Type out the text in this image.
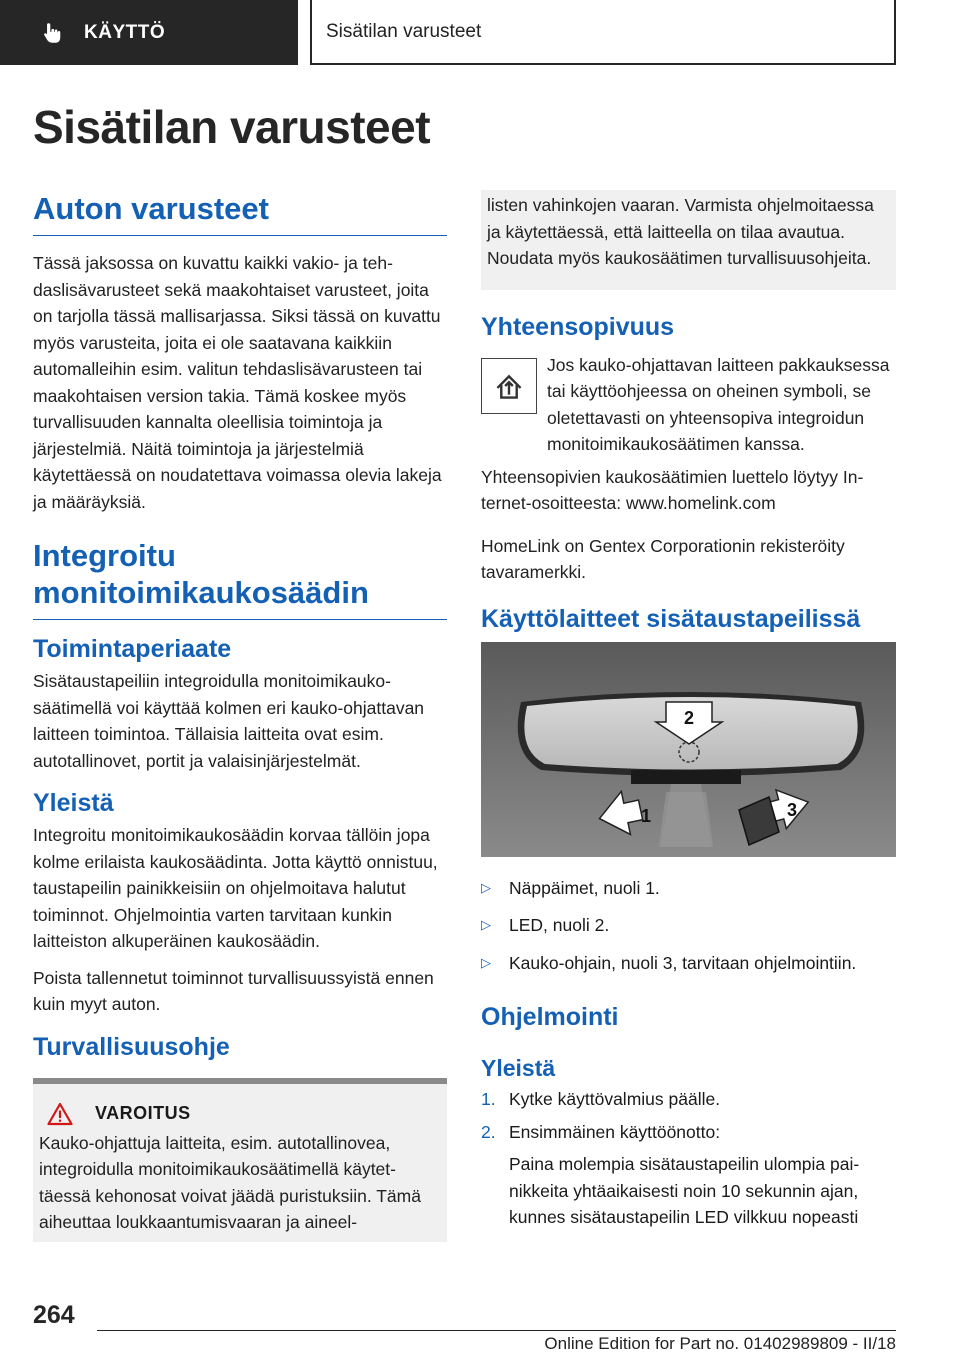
KÄYTTÖ	Sisätilan varusteet
Sisätilan varusteet
Auton varusteet

Tässä jaksossa on kuvattu kaikki vakio- ja tehdaslisävarusteet sekä maakohtaiset varusteet, joita on tarjolla tässä mallisarjassa. Siksi tässä on kuvattu myös varusteita, joita ei ole saatavana kaikkiin automalleihin esim. valitun tehdaslisävarusteen tai maakohtaisen version takia. Tämä koskee myös turvallisuuden kannalta oleellisia toimintoja ja järjestelmiä. Näitä toimintoja ja järjestelmiä käytettäessä on noudatettava voimassa olevia lakeja ja määräyksiä.

Integroitu monitoimikaukosäädin
Toimintaperiaate

Sisätaustapeiliin integroidulla monitoimikaukosäätimellä voi käyttää kolmen eri kauko-ohjattavan laitteen toimintoa. Tällaisia laitteita ovat esim. autotallinovet, portit ja valaisinjärjestelmät.

Yleistä

Integroitu monitoimikaukosäädin korvaa tällöin jopa kolme erilaista kaukosäädinta. Jotta käyttö onnistuu, taustapeilin painikkeisiin on ohjelmoitava halutut toiminnot. Ohjelmointia varten tarvitaan kunkin laitteiston alkuperäinen kaukosäädin.

Poista tallennetut toiminnot turvallisuussyistä ennen kuin myyt auton.

Turvallisuusohje
VAROITUS

Kauko-ohjattuja laitteita, esim. autotallinovea, integroidulla monitoimikaukosäätimellä käytettäessä kehonosat voivat jäädä puristuksiin. Tämä aiheuttaa loukkaantumisvaaran ja aineel-

listen vahinkojen vaaran. Varmista ohjelmoitaessa ja käytettäessä, että laitteella on tilaa avautua. Noudata myös kaukosäätimen turvallisuusohjeita.

Yhteensopivuus

Jos kauko-ohjattavan laitteen pakkauksessa tai käyttöohjeessa on oheinen symboli, se oletettavasti on yhteensopiva integroidun monitoimikaukosäätimen kanssa.

Yhteensopivien kaukosäätimien luettelo löytyy Internet-osoitteesta: www.homelink.com

HomeLink on Gentex Corporationin rekisteröity tavaramerkki.

Käyttölaitteet sisätaustapeilissä
2
1	3
▷	Näppäimet, nuoli 1.
▷	LED, nuoli 2.
▷	Kauko-ohjain, nuoli 3, tarvitaan ohjelmointiin.
Ohjelmointi
Yleistä
1. Kytke käyttövalmius päälle.
2. Ensimmäinen käyttöönotto:
Paina molempia sisätaustapeilin ulompia painikkeita yhtäaikaisesti noin 10 sekunnin ajan, kunnes sisätaustapeilin LED vilkkuu nopeasti
264
Online Edition for Part no. 01402989809 - II/18
